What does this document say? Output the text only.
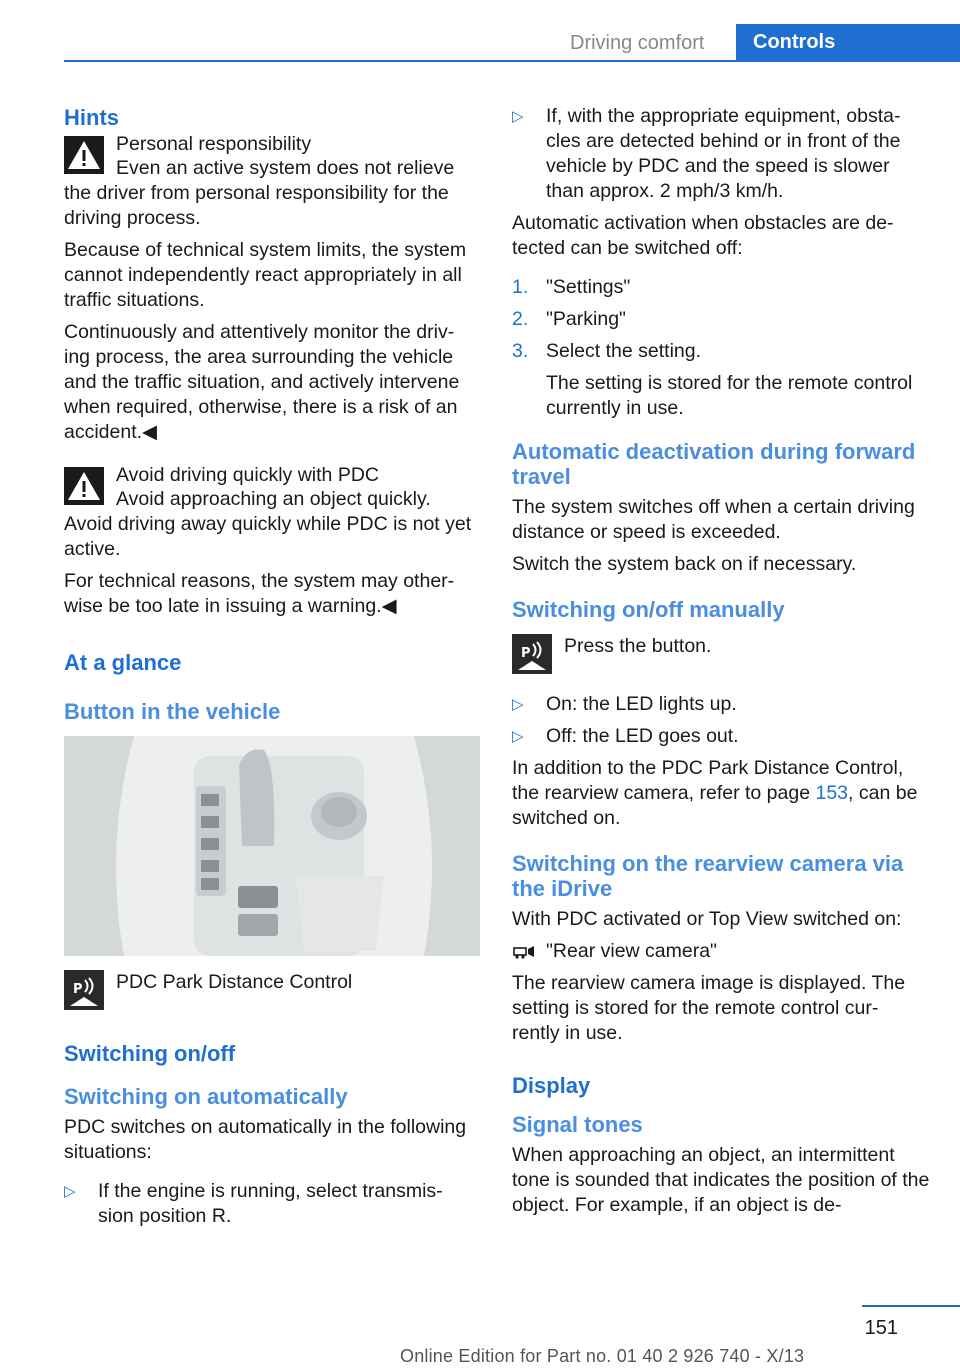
Driving comfort	Controls
Hints

Personal responsibility

Even an active system does not relieve the driver from personal responsibility for the driving process.

Because of technical system limits, the system cannot independently react appropriately in all traffic situations.

Continuously and attentively monitor the driv‐ ing process, the area surrounding the vehicle and the traffic situation, and actively intervene when required, otherwise, there is a risk of an accident.◀

Avoid driving quickly with PDC

Avoid approaching an object quickly. Avoid driving away quickly while PDC is not yet active.

For technical reasons, the system may other‐ wise be too late in issuing a warning.◀

At a glance
Button in the vehicle
P PDC Park Distance Control
Switching on/off
Switching on automatically

PDC switches on automatically in the following situations:

▷ If the engine is running, select transmis‐ sion position R.
▷ If, with the appropriate equipment, obsta‐ cles are detected behind or in front of the vehicle by PDC and the speed is slower than approx. 2 mph/3 km/h.

Automatic activation when obstacles are de‐ tected can be switched off:

1. "Settings"
2. "Parking"
3. Select the setting.
The setting is stored for the remote control currently in use.
Automatic deactivation during forward travel

The system switches off when a certain driving distance or speed is exceeded.

Switch the system back on if necessary.

Switching on/off manually
P Press the button.
▷ On: the LED lights up.
▷ Off: the LED goes out.

In addition to the PDC Park Distance Control, the rearview camera, refer to page 153, can be switched on.

Switching on the rearview camera via the iDrive

With PDC activated or Top View switched on:

"Rear view camera"

The rearview camera image is displayed. The setting is stored for the remote control cur‐ rently in use.

Display
Signal tones

When approaching an object, an intermittent tone is sounded that indicates the position of the object. For example, if an object is de‐

151
Online Edition for Part no. 01 40 2 926 740 - X/13
